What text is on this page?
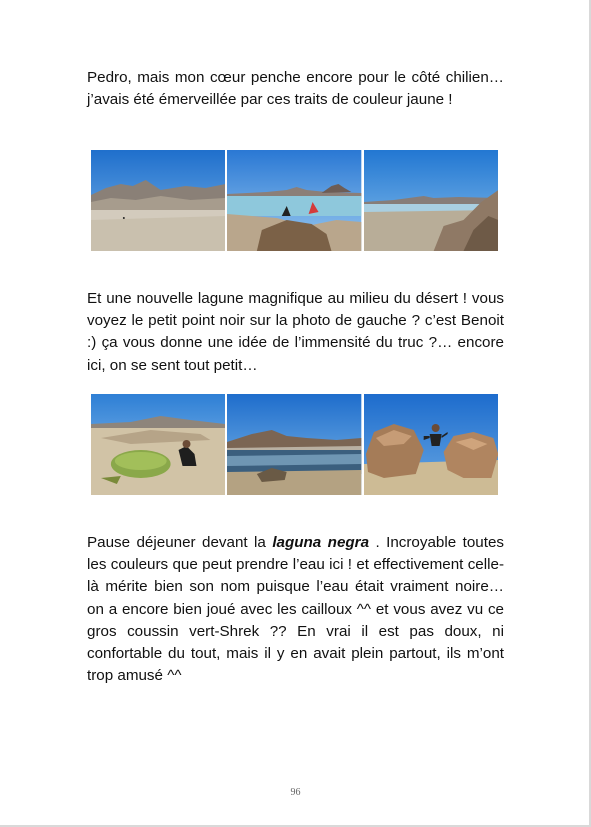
Pedro, mais mon cœur penche encore pour le côté chilien… j’avais été émerveillée par ces traits de couleur jaune !

Et une nouvelle lagune magnifique au milieu du désert ! vous voyez le petit point noir sur la photo de gauche ? c’est Benoit :) ça vous donne une idée de l’immensité du truc ?… encore ici, on se sent tout petit…

Pause déjeuner devant la laguna negra . Incroyable toutes les couleurs que peut prendre l’eau ici ! et effectivement celle-là mérite bien son nom puisque l’eau était vraiment noire… on a encore bien joué avec les cailloux ^^ et vous avez vu ce gros coussin vert-Shrek ?? En vrai il est pas doux, ni confortable du tout, mais il y en avait plein partout, ils m’ont trop amusé ^^

96
